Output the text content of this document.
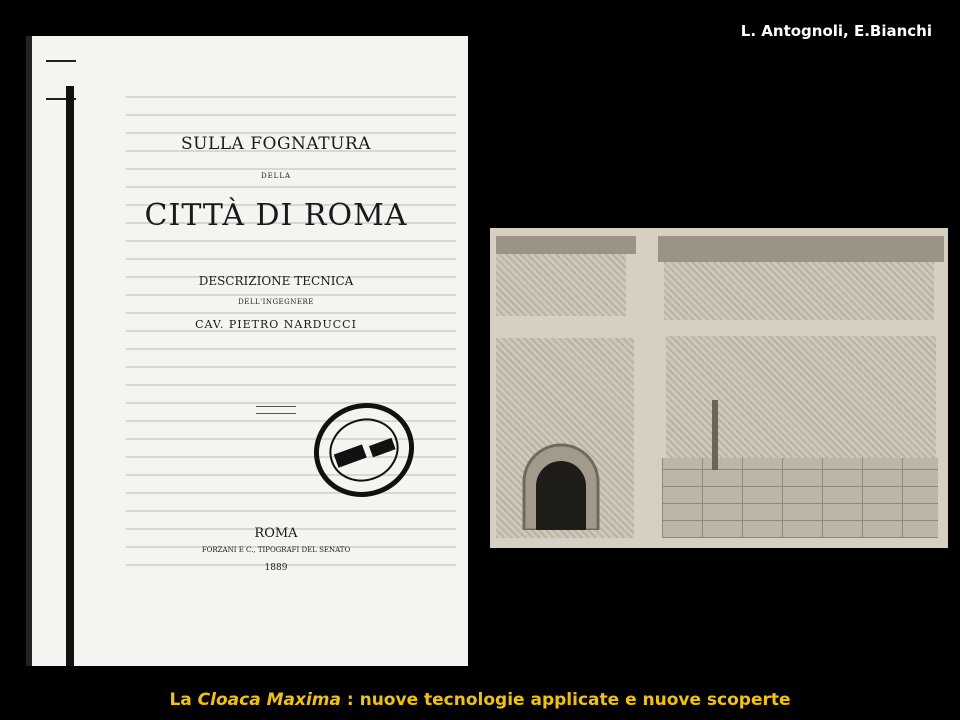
L. Antognoli, E.Bianchi
SULLA FOGNATURA
DELLA
CITTÀ DI ROMA
DESCRIZIONE TECNICA
DELL'INGEGNERE
CAV. PIETRO NARDUCCI
ROMA
FORZANI E C., TIPOGRAFI DEL SENATO
1889
La Cloaca Maxima : nuove tecnologie applicate e nuove scoperte
